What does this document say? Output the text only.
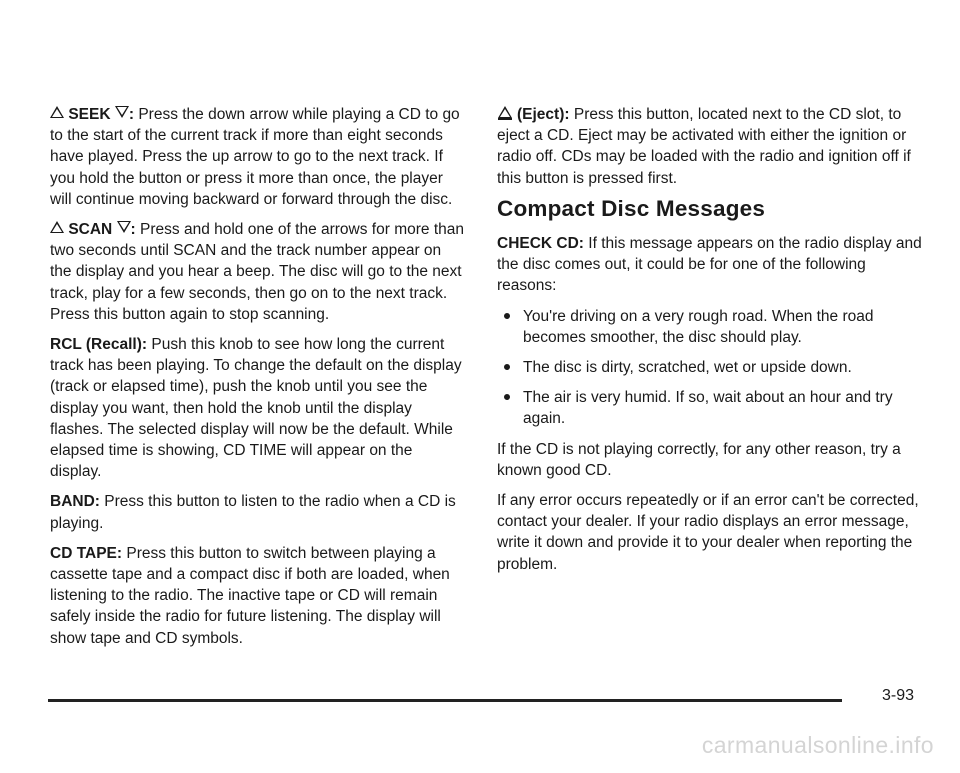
SEEK : Press the down arrow while playing a CD to go to the start of the current track if more than eight seconds have played. Press the up arrow to go to the next track. If you hold the button or press it more than once, the player will continue moving backward or forward through the disc.

SCAN : Press and hold one of the arrows for more than two seconds until SCAN and the track number appear on the display and you hear a beep. The disc will go to the next track, play for a few seconds, then go on to the next track. Press this button again to stop scanning.

RCL (Recall): Push this knob to see how long the current track has been playing. To change the default on the display (track or elapsed time), push the knob until you see the display you want, then hold the knob until the display flashes. The selected display will now be the default. While elapsed time is showing, CD TIME will appear on the display.

BAND: Press this button to listen to the radio when a CD is playing.

CD TAPE: Press this button to switch between playing a cassette tape and a compact disc if both are loaded, when listening to the radio. The inactive tape or CD will remain safely inside the radio for future listening. The display will show tape and CD symbols.

(Eject): Press this button, located next to the CD slot, to eject a CD. Eject may be activated with either the ignition or radio off. CDs may be loaded with the radio and ignition off if this button is pressed first.

Compact Disc Messages

CHECK CD: If this message appears on the radio display and the disc comes out, it could be for one of the following reasons:

You're driving on a very rough road. When the road becomes smoother, the disc should play.
The disc is dirty, scratched, wet or upside down.
The air is very humid. If so, wait about an hour and try again.

If the CD is not playing correctly, for any other reason, try a known good CD.

If any error occurs repeatedly or if an error can't be corrected, contact your dealer. If your radio displays an error message, write it down and provide it to your dealer when reporting the problem.

3-93
carmanualsonline.info
